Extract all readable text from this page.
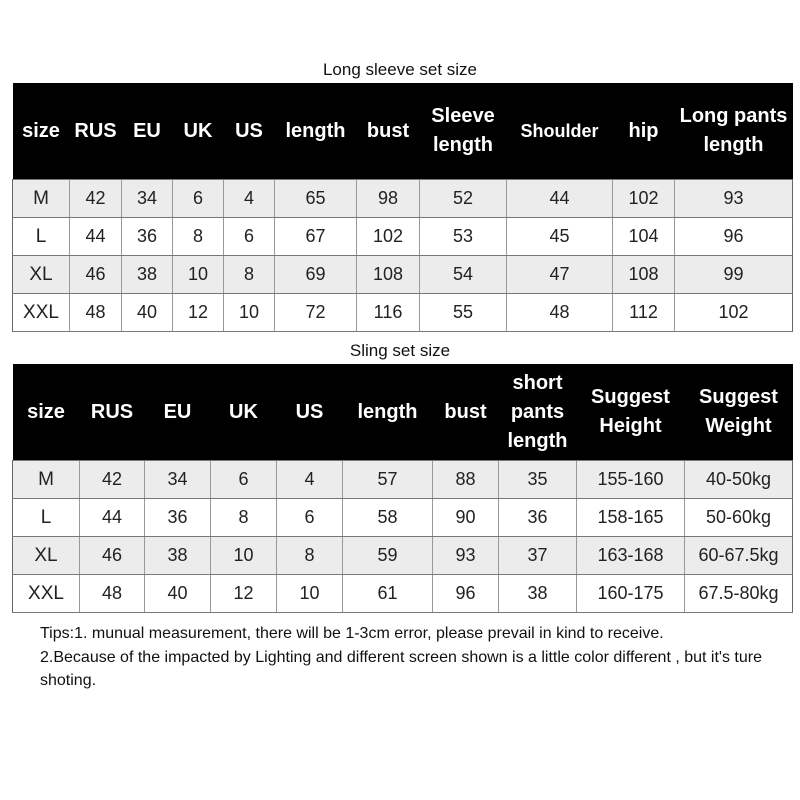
Long sleeve set size
size	RUS	EU	UK	US	length	bust	Sleeve length	Shoulder	hip	Long pants length
M	42	34	6	4	65	98	52	44	102	93
L	44	36	8	6	67	102	53	45	104	96
XL	46	38	10	8	69	108	54	47	108	99
XXL	48	40	12	10	72	116	55	48	112	102
Sling set size
size	RUS	EU	UK	US	length	bust	short pants length	Suggest Height	Suggest Weight
M	42	34	6	4	57	88	35	155-160	40-50kg
L	44	36	8	6	58	90	36	158-165	50-60kg
XL	46	38	10	8	59	93	37	163-168	60-67.5kg
XXL	48	40	12	10	61	96	38	160-175	67.5-80kg
Tips:1. munual measurement, there will be 1-3cm error, please prevail in kind to receive.
2.Because of the impacted by Lighting and different screen shown is a little color different , but it's ture shoting.
